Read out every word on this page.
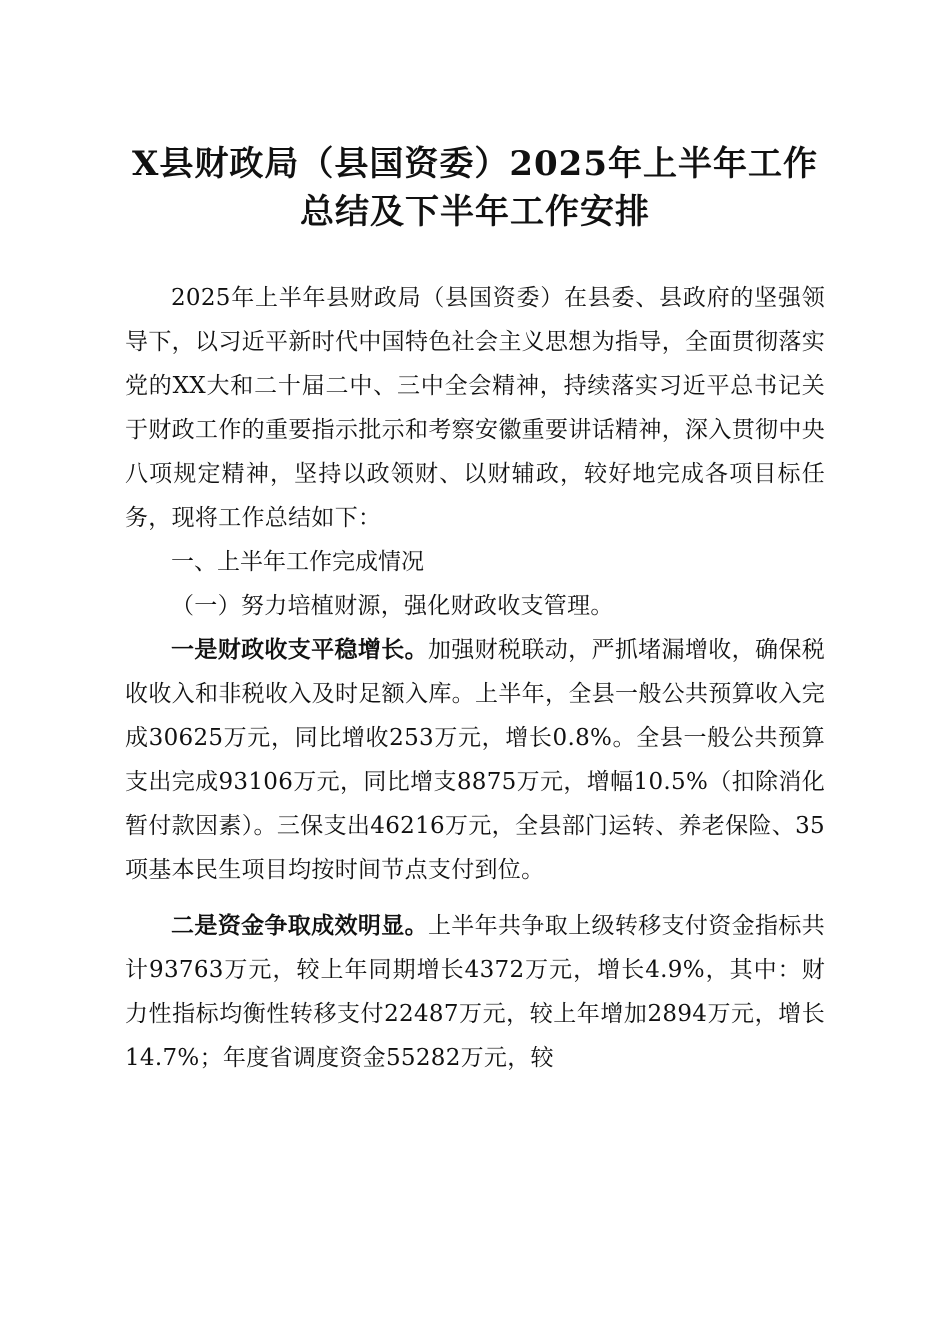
X县财政局（县国资委）2025年上半年工作
总结及下半年工作安排

2025年上半年县财政局（县国资委）在县委、县政府的坚强领导下，以习近平新时代中国特色社会主义思想为指导，全面贯彻落实党的XX大和二十届二中、三中全会精神，持续落实习近平总书记关于财政工作的重要指示批示和考察安徽重要讲话精神，深入贯彻中央八项规定精神，坚持以政领财、以财辅政，较好地完成各项目标任务，现将工作总结如下：

一、上半年工作完成情况

（一）努力培植财源，强化财政收支管理。

一是财政收支平稳增长。加强财税联动，严抓堵漏增收，确保税收收入和非税收入及时足额入库。上半年，全县一般公共预算收入完成30625万元，同比增收253万元，增长0.8%。全县一般公共预算支出完成93106万元，同比增支8875万元，增幅10.5%（扣除消化暂付款因素）。三保支出46216万元，全县部门运转、养老保险、35项基本民生项目均按时间节点支付到位。

二是资金争取成效明显。上半年共争取上级转移支付资金指标共计93763万元，较上年同期增长4372万元，增长4.9%，其中：财力性指标均衡性转移支付22487万元，较上年增加2894万元，增长14.7%；年度省调度资金55282万元，较
